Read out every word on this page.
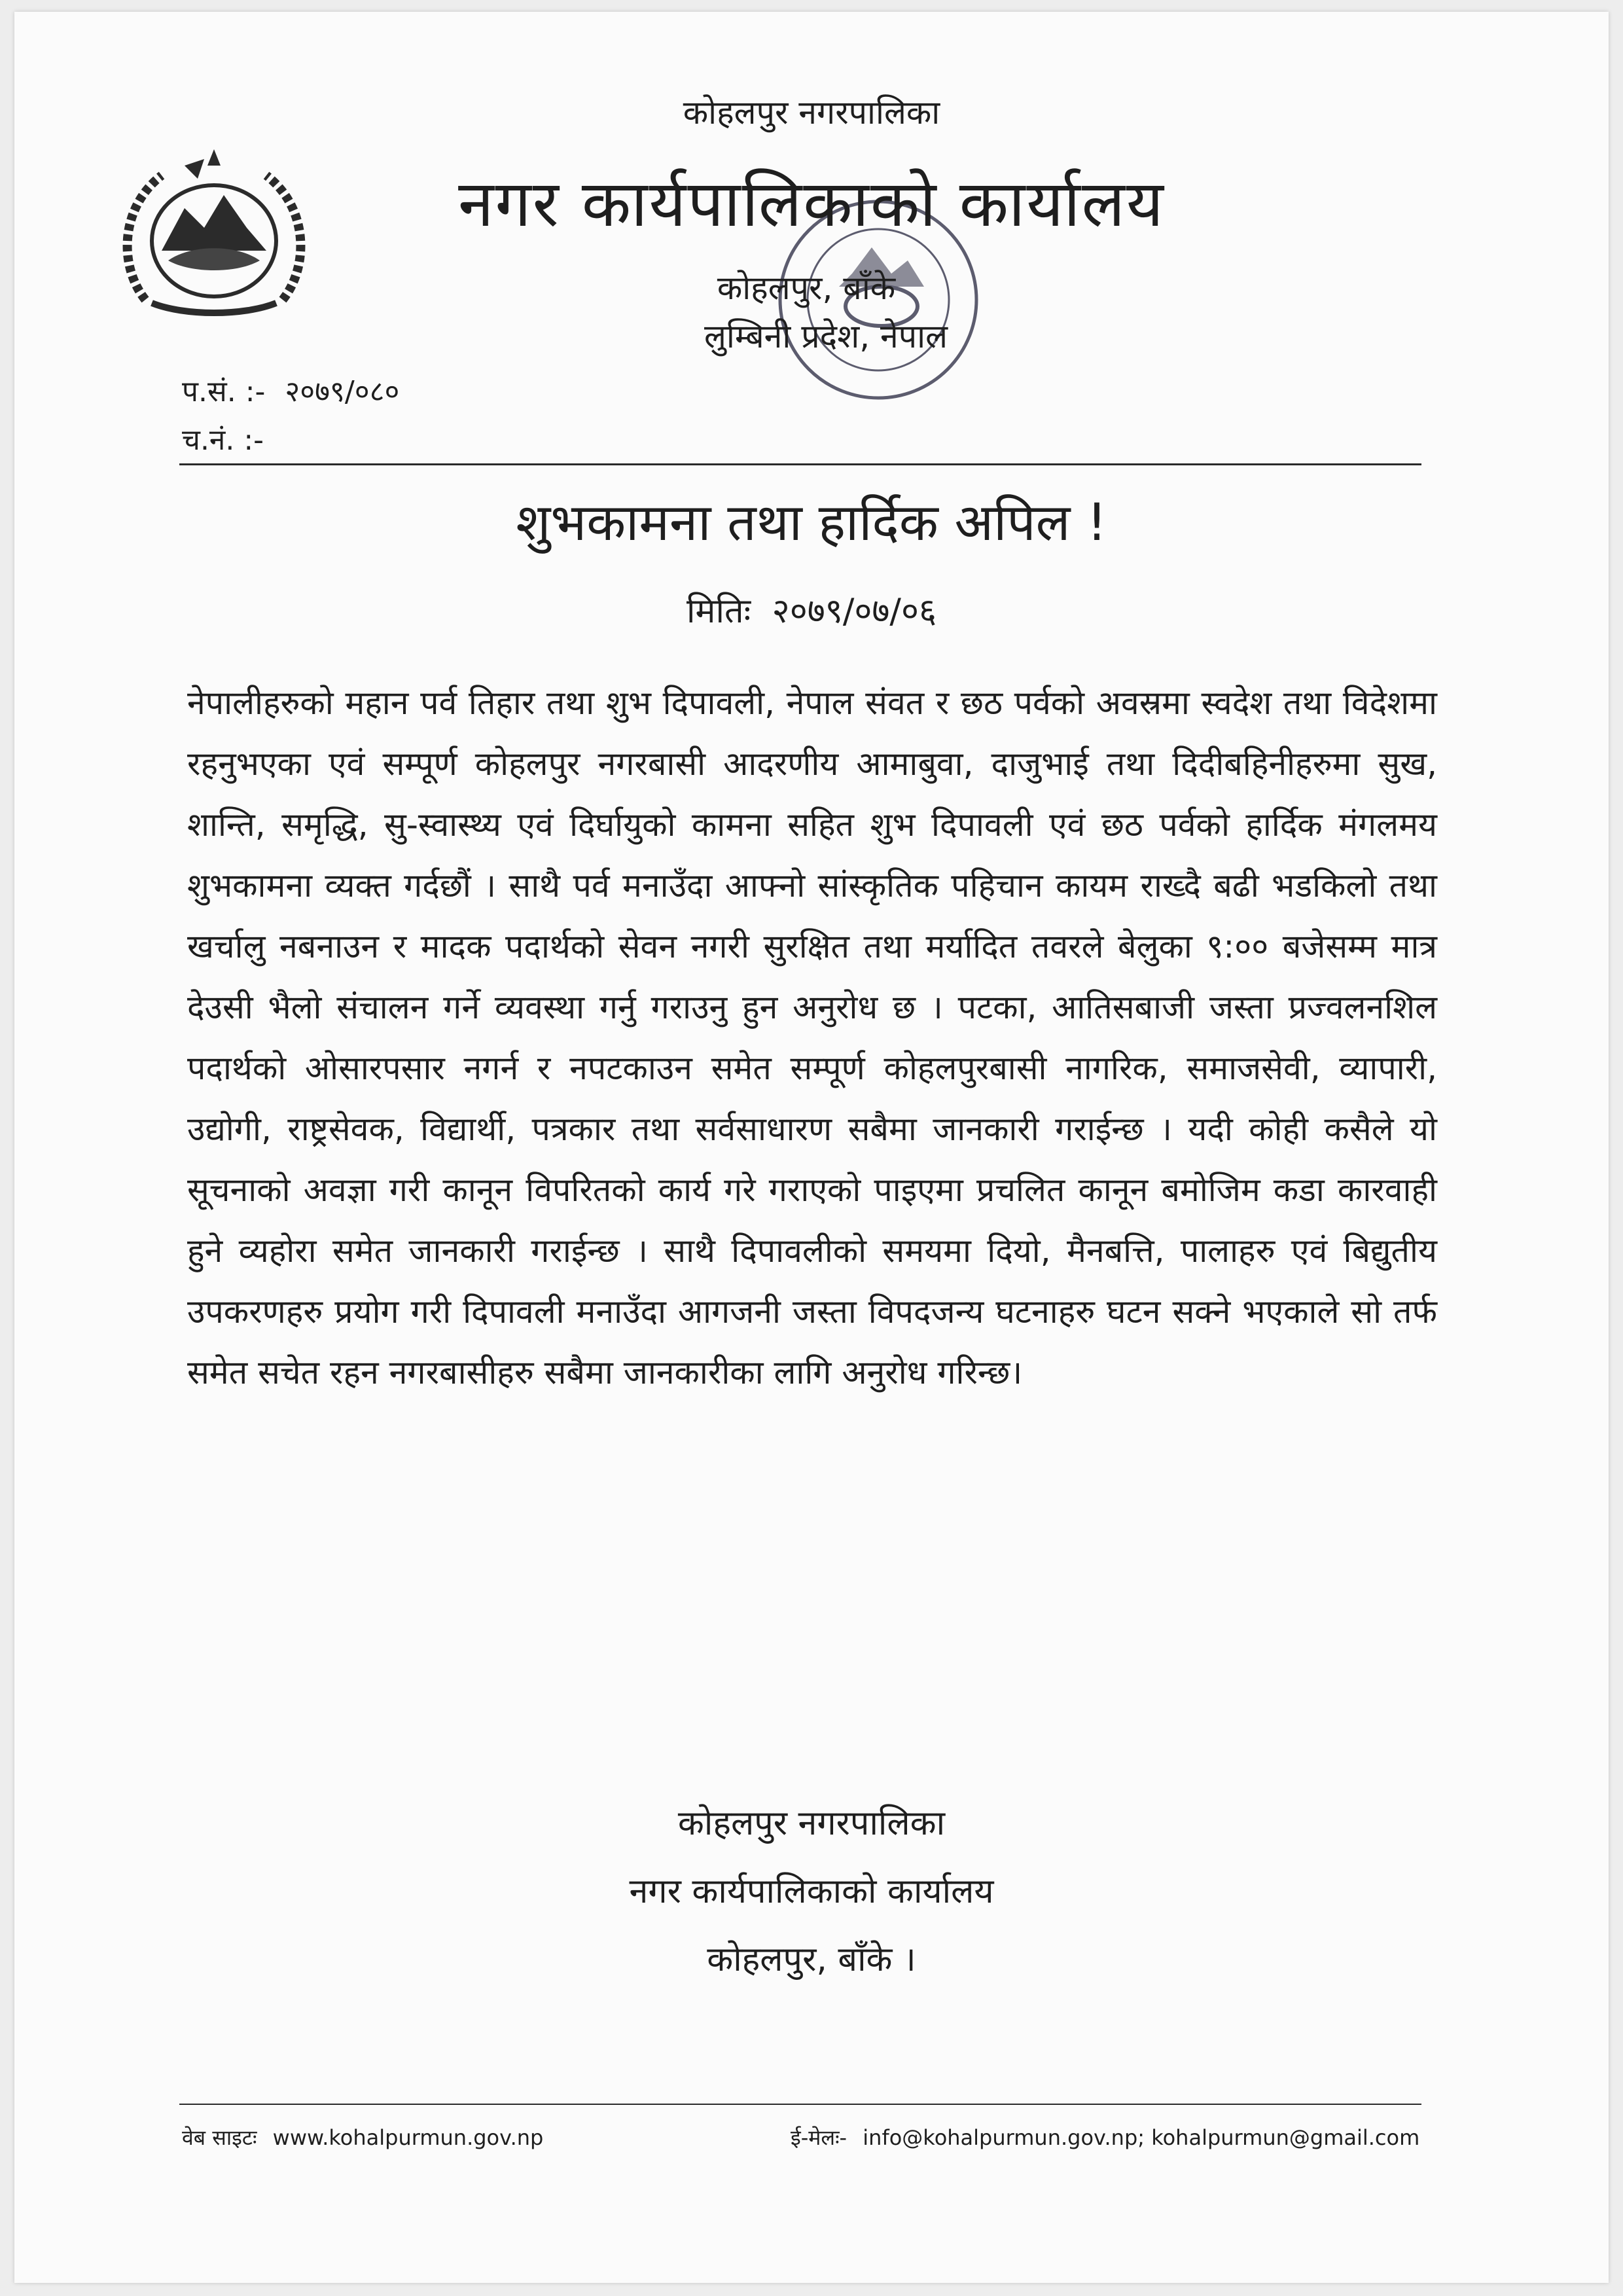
कोहलपुर नगरपालिका
नगर कार्यपालिकाको कार्यालय
कोहलपुर, बाँके
लुम्बिनी प्रदेश, नेपाल
प.सं. :- २०७९/०८०
च.नं. :-
शुभकामना तथा हार्दिक अपिल !
मितिः २०७९/०७/०६
नेपालीहरुको महान पर्व तिहार तथा शुभ दिपावली, नेपाल संवत र छठ पर्वको अवस्रमा स्वदेश तथा विदेशमा रहनुभएका एवं सम्पूर्ण कोहलपुर नगरबासी आदरणीय आमाबुवा, दाजुभाई तथा दिदीबहिनीहरुमा सुख, शान्ति, समृद्धि, सु-स्वास्थ्य एवं दिर्घायुको कामना सहित शुभ दिपावली एवं छठ पर्वको हार्दिक मंगलमय शुभकामना व्यक्त गर्दछौं । साथै पर्व मनाउँदा आफ्नो सांस्कृतिक पहिचान कायम राख्दै बढी भडकिलो तथा खर्चालु नबनाउन र मादक पदार्थको सेवन नगरी सुरक्षित तथा मर्यादित तवरले बेलुका ९:०० बजेसम्म मात्र देउसी भैलो संचालन गर्ने व्यवस्था गर्नु गराउनु हुन अनुरोध छ । पटका, आतिसबाजी जस्ता प्रज्वलनशिल पदार्थको ओसारपसार नगर्न र नपटकाउन समेत सम्पूर्ण कोहलपुरबासी नागरिक, समाजसेवी, व्यापारी, उद्योगी, राष्ट्रसेवक, विद्यार्थी, पत्रकार तथा सर्वसाधारण सबैमा जानकारी गराईन्छ । यदी कोही कसैले यो सूचनाको अवज्ञा गरी कानून विपरितको कार्य गरे गराएको पाइएमा प्रचलित कानून बमोजिम कडा कारवाही हुने व्यहोरा समेत जानकारी गराईन्छ । साथै दिपावलीको समयमा दियो, मैनबत्ति, पालाहरु एवं बिद्युतीय उपकरणहरु प्रयोग गरी दिपावली मनाउँदा आगजनी जस्ता विपदजन्य घटनाहरु घटन सक्ने भएकाले सो तर्फ समेत सचेत रहन नगरबासीहरु सबैमा जानकारीका लागि अनुरोध गरिन्छ।
कोहलपुर नगरपालिका
नगर कार्यपालिकाको कार्यालय
कोहलपुर, बाँके ।
वेब साइटः www.kohalpurmun.gov.np	ई-मेलः- info@kohalpurmun.gov.np; kohalpurmun@gmail.com
